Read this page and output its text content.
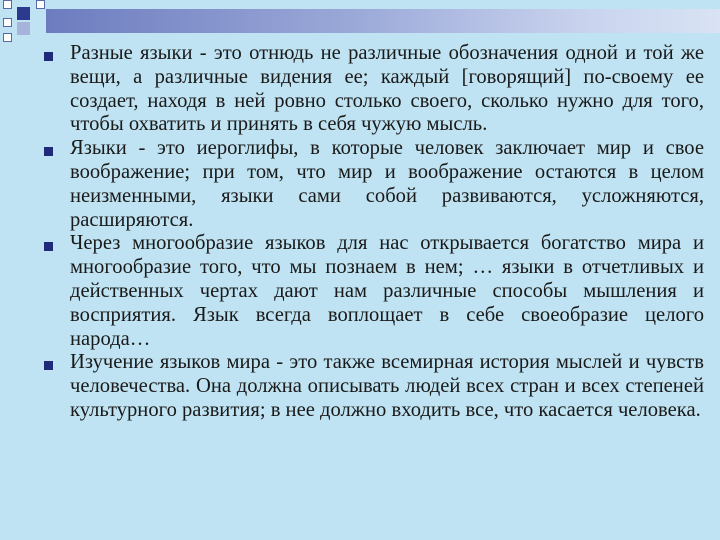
Разные языки - это отнюдь не различные обозначения одной и той же вещи, а различные видения ее; каждый [говорящий] по-своему ее создает, находя в ней ровно столько своего, сколько нужно для того, чтобы охватить и принять в себя чужую мысль.
Языки - это иероглифы, в которые человек заключает мир и свое воображение; при том, что мир и воображение остаются в целом неизменными, языки сами собой развиваются, усложняются, расширяются.
Через многообразие языков для нас открывается богатство мира и многообразие того, что мы познаем в нем; … языки в отчетливых и действенных чертах дают нам различные способы мышления и восприятия. Язык всегда воплощает в себе своеобразие целого народа…
Изучение языков мира - это также всемирная история мыслей и чувств человечества. Она должна описывать людей всех стран и всех степеней культурного развития; в нее должно входить все, что касается человека.
